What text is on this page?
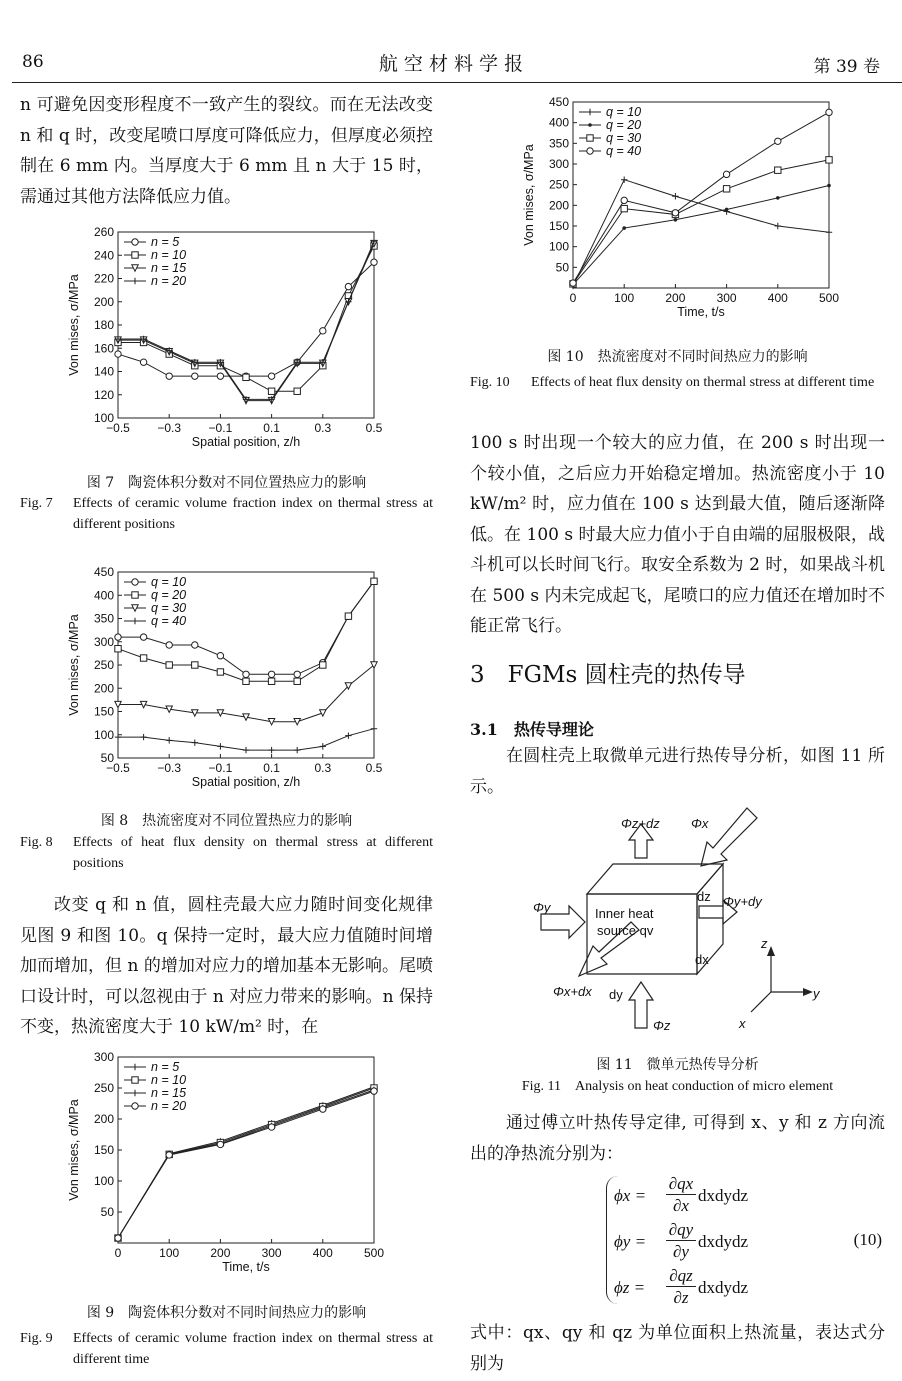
86	航 空 材 料 学 报	第 39 卷
n 可避免因变形程度不一致产生的裂纹。而在无法改变 n 和 q 时，改变尾喷口厚度可降低应力，但厚度必须控制在 6 mm 内。当厚度大于 6 mm 且 n 大于 15 时，需通过其他方法降低应力值。
−0.5 −0.3 −0.1	0.1	0.3	0.5
100
120
140
160
180
200
220
240
260
Spatial position, z/h
Von mises, σ/MPa
n = 5
n = 10
n = 15
n = 20
图 7　陶瓷体积分数对不同位置热应力的影响
Fig. 7 Effects of ceramic volume fraction index on thermal stress at different positions
−0.5 −0.3 −0.1	0.1	0.3	0.5
50
100
150
200
250
300
350
400
450
Spatial position, z/h
Von mises, σ/MPa
q = 10
q = 20
q = 30
q = 40
图 8　热流密度对不同位置热应力的影响
Fig. 8 Effects of heat flux density on thermal stress at different positions
改变 q 和 n 值，圆柱壳最大应力随时间变化规律见图 9 和图 10。q 保持一定时，最大应力值随时间增加而增加，但 n 的增加对应力的增加基本无影响。尾喷口设计时，可以忽视由于 n 对应力带来的影响。n 保持不变，热流密度大于 10 kW/m² 时，在
0	100	200	300	400	500
50
100
150
200
250
300
Time, t/s
Von mises, σ/MPa
n = 5
n = 10
n = 15
n = 20
图 9　陶瓷体积分数对不同时间热应力的影响
Fig. 9 Effects of ceramic volume fraction index on thermal stress at different time
0	100	200	300	400	500
50
100
150
200
250
300
350
400
450
Time, t/s
Von mises, σ/MPa
q = 10
q = 20
q = 30
q = 40
图 10　热流密度对不同时间热应力的影响
Fig. 10 Effects of heat flux density on thermal stress at different time
100 s 时出现一个较大的应力值，在 200 s 时出现一个较小值，之后应力开始稳定增加。热流密度小于 10 kW/m² 时，应力值在 100 s 达到最大值，随后逐渐降低。在 100 s 时最大应力值小于自由端的屈服极限，战斗机可以长时间飞行。取安全系数为 2 时，如果战斗机在 500 s 内未完成起飞，尾喷口的应力值还在增加时不能正常飞行。
3　FGMs 圆柱壳的热传导
3.1　热传导理论
在圆柱壳上取微单元进行热传导分析，如图 11 所示。
Φz+dz Φx
Φy	Φy+dy
Inner heat
source qv
dz
dx
dy
Φx+dx
Φz
z
y
x
图 11　微单元热传导分析
Fig. 11　Analysis on heat conduction of micro element
通过傅立叶热传导定律, 可得到 x、y 和 z 方向流出的净热流分别为：
ϕx =
∂qx
∂x
dxdydz
ϕy =
∂qy
∂y
dxdydz
ϕz =
∂qz
∂z
dxdydz
(10)
式中：qx、qy 和 qz 为单位面积上热流量，表达式分别为
